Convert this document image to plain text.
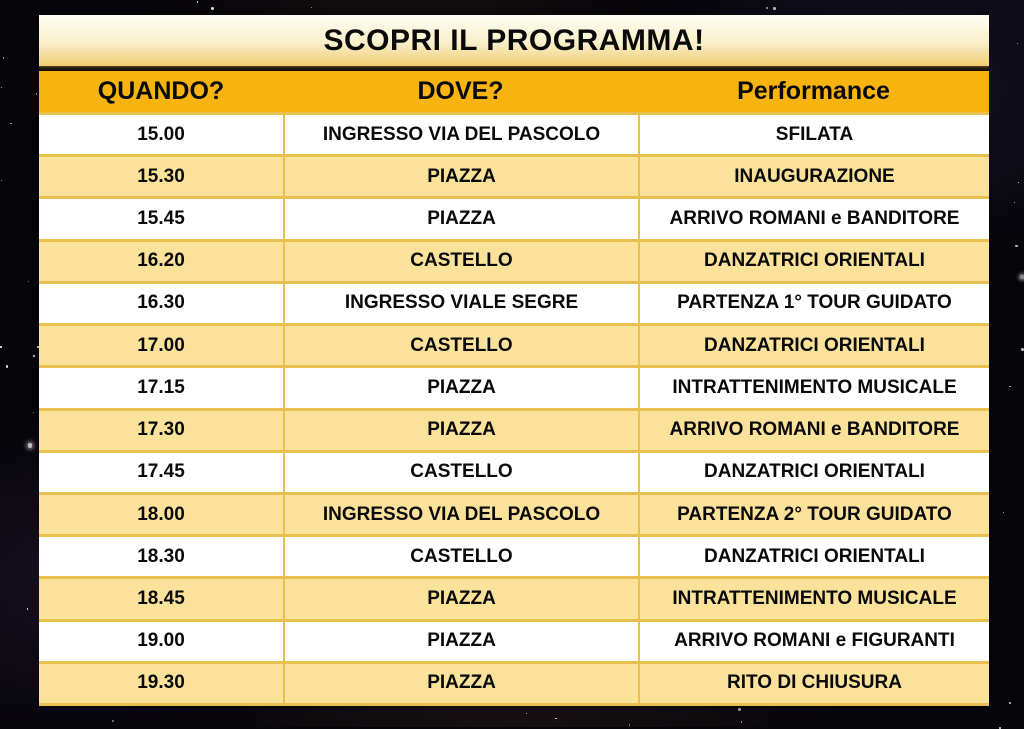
SCOPRI IL PROGRAMMA!
QUANDO?	DOVE?	Performance
15.00	INGRESSO VIA DEL PASCOLO	SFILATA
15.30	PIAZZA	INAUGURAZIONE
15.45	PIAZZA	ARRIVO ROMANI e BANDITORE
16.20	CASTELLO	DANZATRICI ORIENTALI
16.30	INGRESSO VIALE SEGRE	PARTENZA 1° TOUR GUIDATO
17.00	CASTELLO	DANZATRICI ORIENTALI
17.15	PIAZZA	INTRATTENIMENTO MUSICALE
17.30	PIAZZA	ARRIVO ROMANI e BANDITORE
17.45	CASTELLO	DANZATRICI ORIENTALI
18.00	INGRESSO VIA DEL PASCOLO	PARTENZA 2° TOUR GUIDATO
18.30	CASTELLO	DANZATRICI ORIENTALI
18.45	PIAZZA	INTRATTENIMENTO MUSICALE
19.00	PIAZZA	ARRIVO ROMANI e FIGURANTI
19.30	PIAZZA	RITO DI CHIUSURA
